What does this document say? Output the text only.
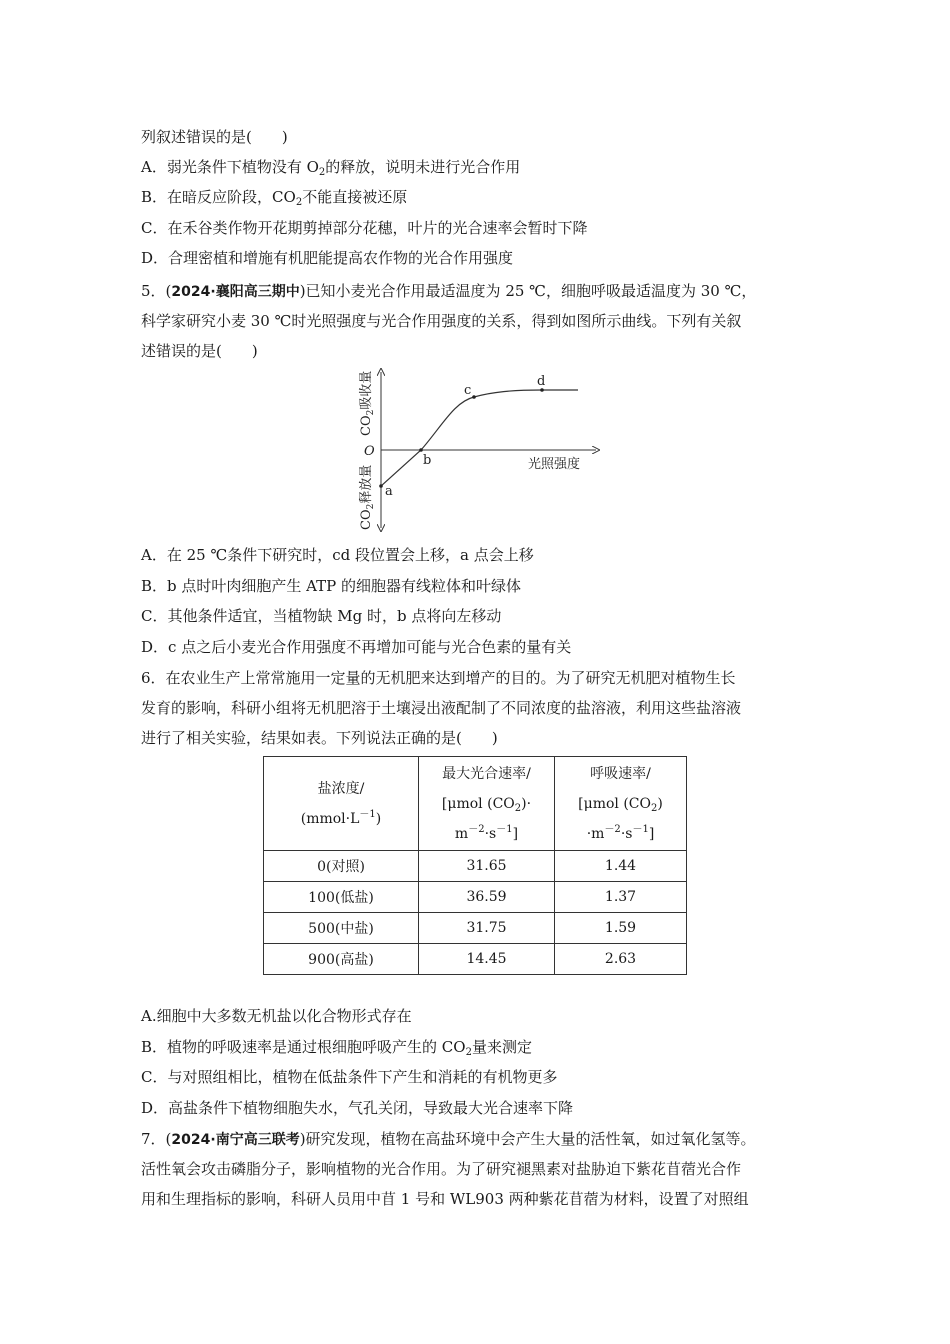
列叙述错误的是(　　)
A．弱光条件下植物没有 $O_2$的释放，说明未进行光合作用
B．在暗反应阶段，$CO_2$不能直接被还原
C．在禾谷类作物开花期剪掉部分花穗，叶片的光合速率会暂时下降
D．合理密植和增施有机肥能提高农作物的光合作用强度
5．(2024·襄阳高三期中)已知小麦光合作用最适温度为 25 ℃，细胞呼吸最适温度为 30 ℃，
科学家研究小麦 30 ℃时光照强度与光合作用强度的关系，得到如图所示曲线。下列有关叙
述错误的是(　　)
a
b
c
d
O
光照强度
$CO_2$吸收量
$CO_2$释放量
A．在 25 ℃条件下研究时，cd 段位置会上移，a 点会上移
B．b 点时叶肉细胞产生 ATP 的细胞器有线粒体和叶绿体
C．其他条件适宜，当植物缺 Mg 时，b 点将向左移动
D．c 点之后小麦光合作用强度不再增加可能与光合色素的量有关
6．在农业生产上常常施用一定量的无机肥来达到增产的目的。为了研究无机肥对植物生长
发育的影响，科研小组将无机肥溶于土壤浸出液配制了不同浓度的盐溶液，利用这些盐溶液
进行了相关实验，结果如表。下列说法正确的是(　　)
盐浓度/
$(mmol\cdot L^{-1})$	最大光合速率/
[μmol $(CO_2)\cdot$
$m^{-2}\cdot s^{-1}$]	呼吸速率/
[μmol $(CO_2)$
$\cdot m^{-2}\cdot s^{-1}$]
0(对照)	31.65	1.44
100(低盐)	36.59	1.37
500(中盐)	31.75	1.59
900(高盐)	14.45	2.63
A.细胞中大多数无机盐以化合物形式存在
B．植物的呼吸速率是通过根细胞呼吸产生的 $CO_2$量来测定
C．与对照组相比，植物在低盐条件下产生和消耗的有机物更多
D．高盐条件下植物细胞失水，气孔关闭，导致最大光合速率下降
7．(2024·南宁高三联考)研究发现，植物在高盐环境中会产生大量的活性氧，如过氧化氢等。
活性氧会攻击磷脂分子，影响植物的光合作用。为了研究褪黑素对盐胁迫下紫花苜蓿光合作
用和生理指标的影响，科研人员用中苜 1 号和 WL903 两种紫花苜蓿为材料，设置了对照组
